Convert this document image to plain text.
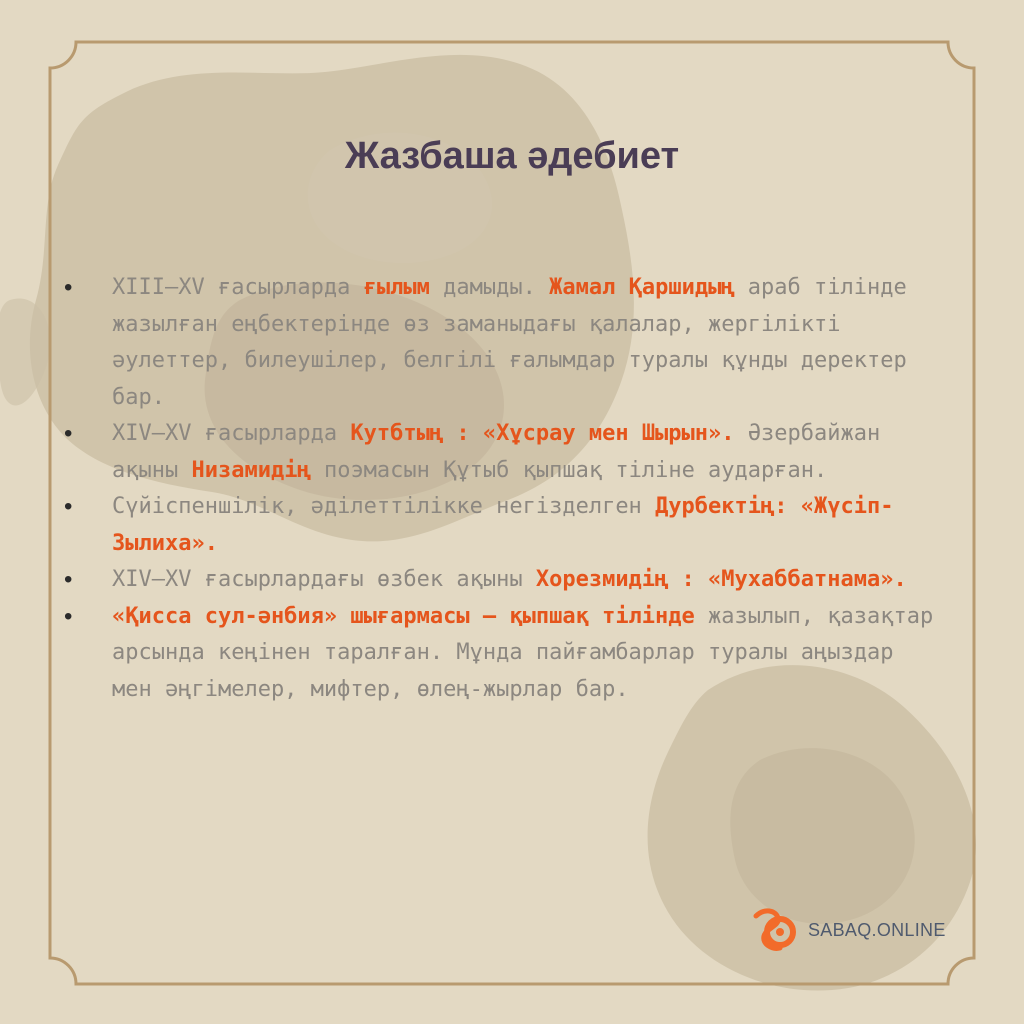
Жазбаша әдебиет
• XIII–XV ғасырларда ғылым дамыды. Жамал Қаршидың араб тілінде жазылған еңбектерінде өз заманыдағы қалалар, жергілікті әулеттер, билеушілер, белгілі ғалымдар туралы құнды деректер бар.
• XIV–XV ғасырларда Кутбтың : «Хұсрау мен Шырын». Әзербайжан ақыны Низамидің поэмасын Құтыб қыпшақ тіліне аударған.
• Сүйіспеншілік, әділеттілікке негізделген Дурбектің: «Жүсіп-Зылиха».
• XIV–XV ғасырлардағы өзбек ақыны Хорезмидің : «Мухаббатнама».
• «Қисса сул-әнбия» шығармасы – қыпшақ тілінде жазылып, қазақтар арсында кеңінен таралған. Мұнда пайғамбарлар туралы аңыздар мен әңгімелер, мифтер, өлең-жырлар бар.
SABAQ.ONLINE
